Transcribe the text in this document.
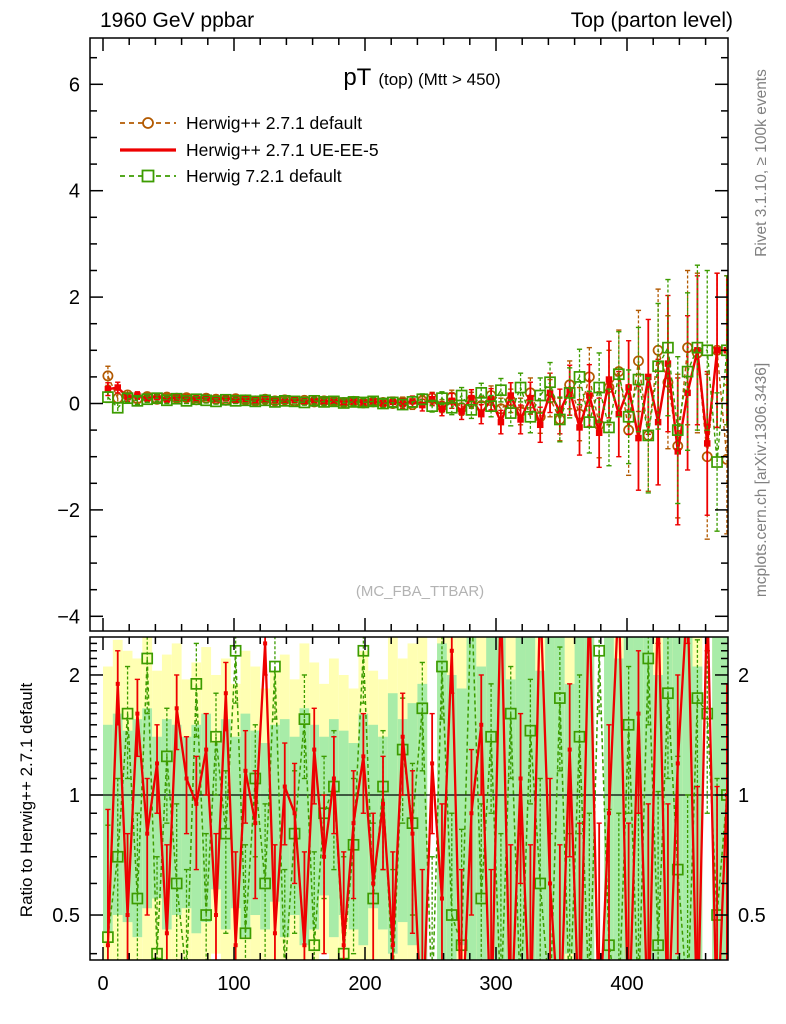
1960 GeV ppbar	Top (parton level)
pT (top) (Mtt > 450)
−4
−2
0
2
4
6
0.5	0.5
1	1
2	2
0	100	200	300	400
Herwig++ 2.7.1 default
Herwig++ 2.7.1 UE-EE-5
Herwig 7.2.1 default	Rivet 3.1.10, ≥ 100k events
mcplots.cern.ch [arXiv:1306.3436]
(MC_FBA_TTBAR)
Ratio to Herwig++ 2.7.1 default
